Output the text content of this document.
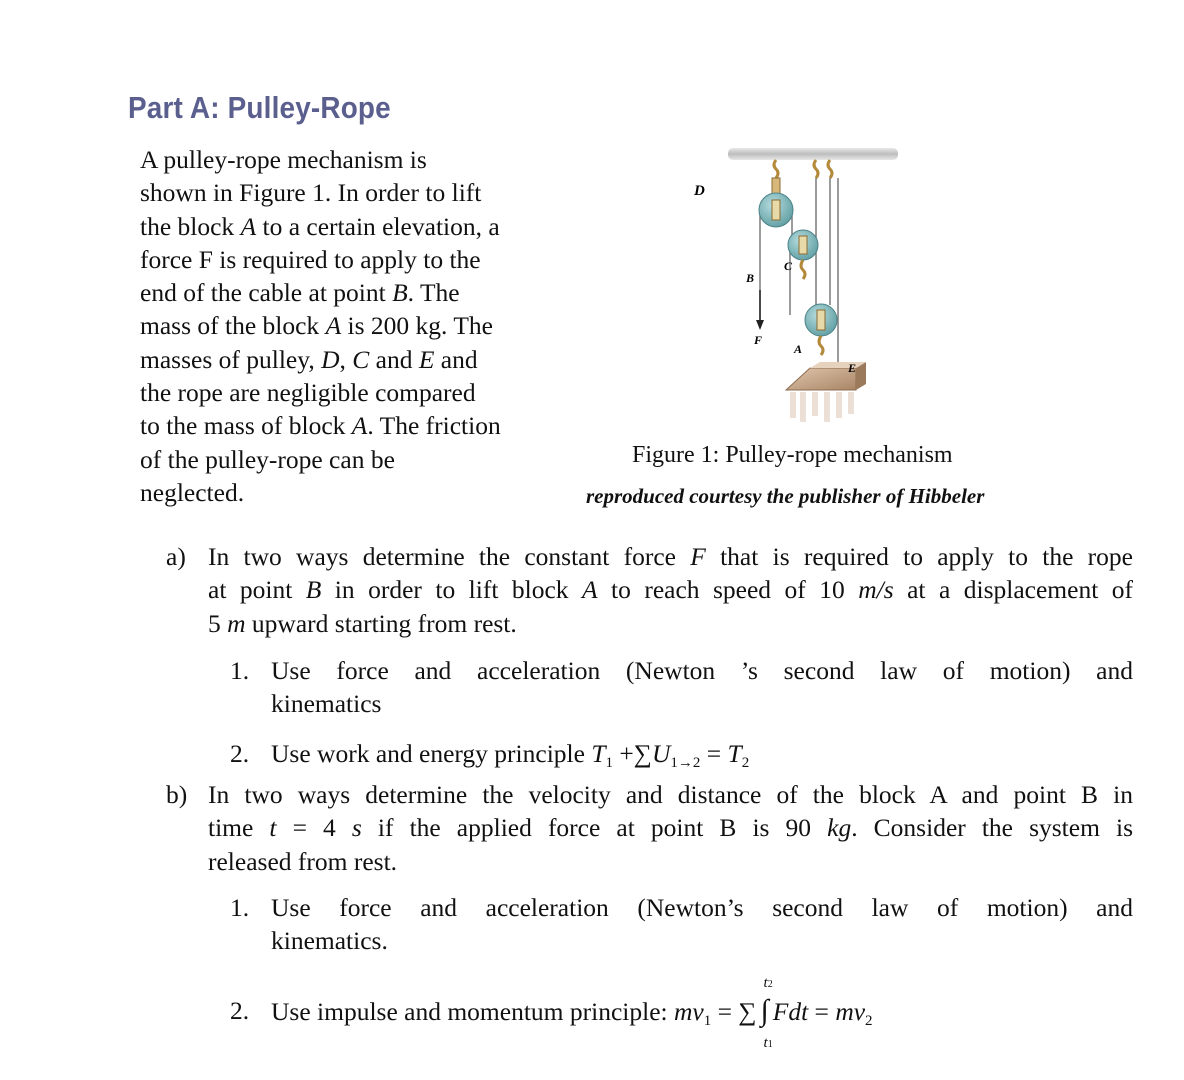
Part A: Pulley-Rope
A pulley-rope mechanism is
shown in Figure 1. In order to lift
the block A to a certain elevation, a
force F is required to apply to the
end of the cable at point B. The
mass of the block A is 200 kg. The
masses of pulley, D, C and E and
the rope are negligible compared
to the mass of block A. The friction
of the pulley-rope can be
neglected.
D
B
C
F
A
E
Figure 1: Pulley-rope mechanism
reproduced courtesy the publisher of Hibbeler
a) In two ways determine the constant force F that is required to apply to the rope
at point B in order to lift block A to reach speed of 10 m/s at a displacement of
5 m upward starting from rest.
1. Use force and acceleration (Newton ’s second law of motion) and
kinematics
2. Use work and energy principle $T_1 +\sum U_{1\to 2} = T_2$
b) In two ways determine the velocity and distance of the block A and point B in
time t = 4 s if the applied force at point B is 90 kg. Consider the system is
released from rest.
1. Use force and acceleration (Newton’s second law of motion) and
kinematics.
2. Use impulse and momentum principle: $mv_1$ = ∑ ∫
t2
t1
Fdt = $mv_2$
